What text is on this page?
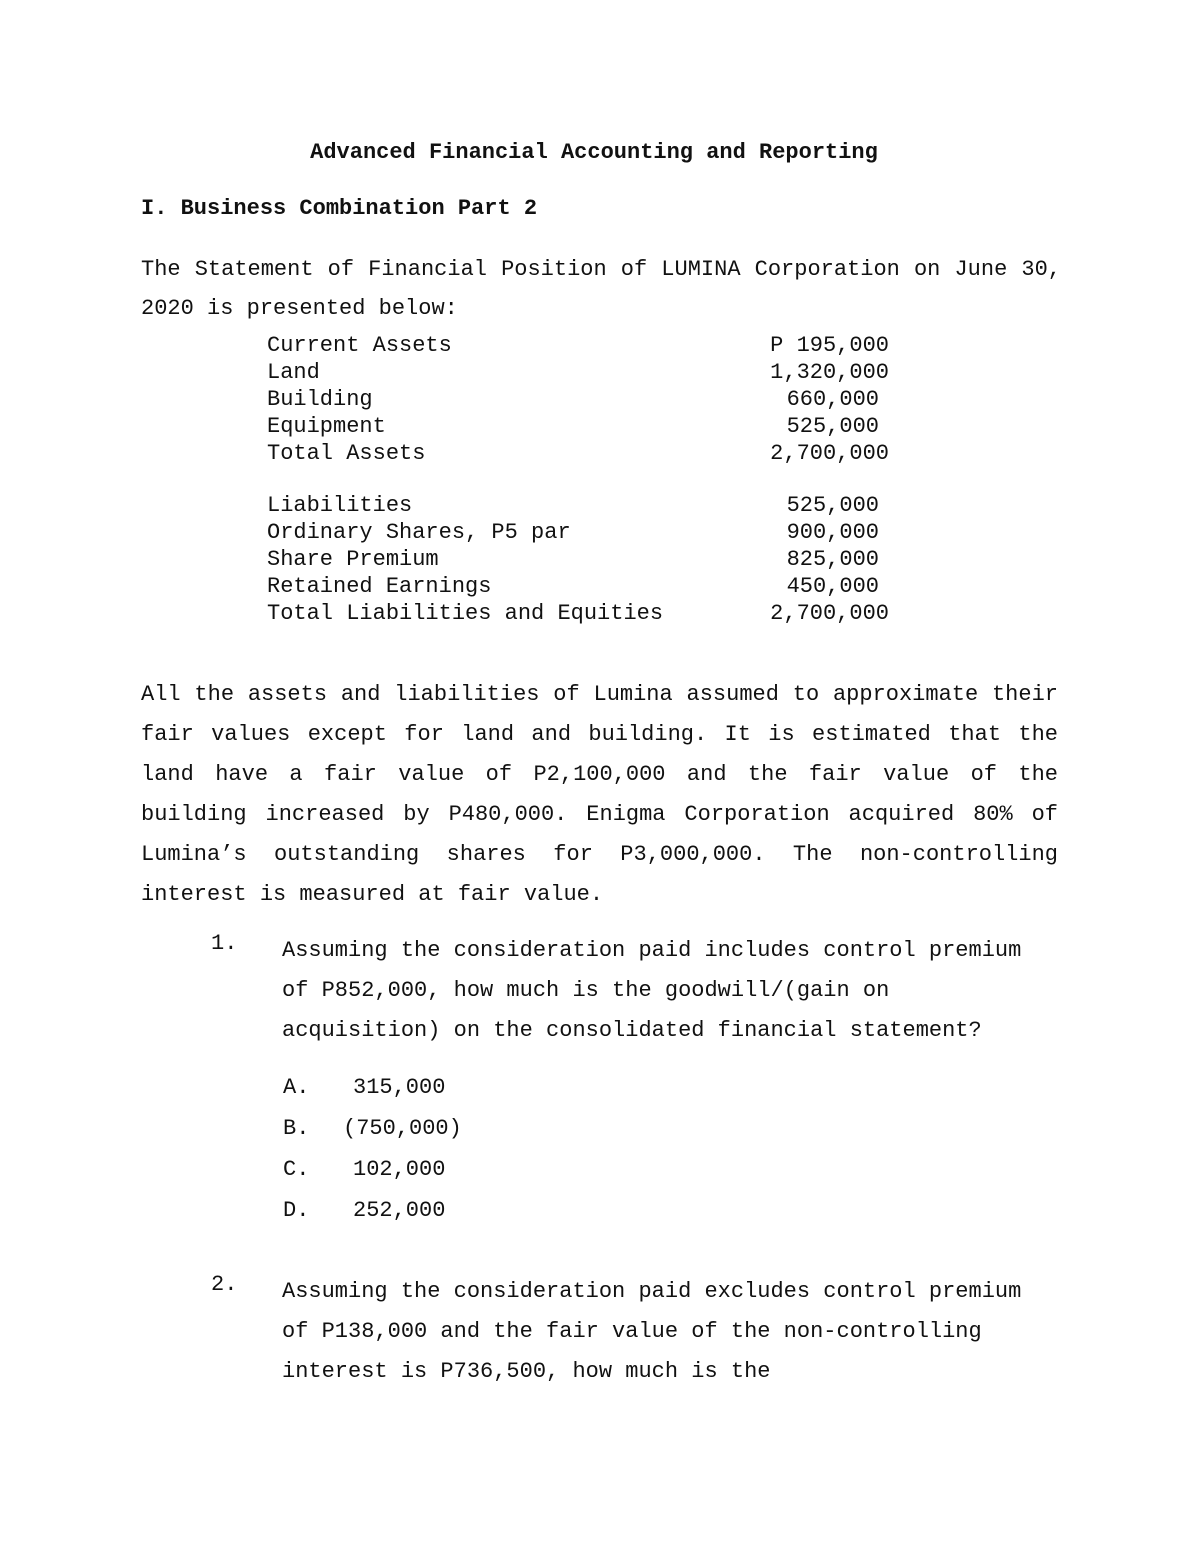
Advanced Financial Accounting and Reporting
I. Business Combination Part 2
The Statement of Financial Position of LUMINA Corporation on June 30, 2020 is presented below:
Current Assets	P 195,000
Land	1,320,000
Building	660,000
Equipment	525,000
Total Assets	2,700,000
Liabilities	525,000
Ordinary Shares, P5 par	900,000
Share Premium	825,000
Retained Earnings	450,000
Total Liabilities and Equities	2,700,000
All the assets and liabilities of Lumina assumed to approximate their fair values except for land and building. It is estimated that the land have a fair value of P2,100,000 and the fair value of the building increased by P480,000. Enigma Corporation acquired 80% of Lumina’s outstanding shares for P3,000,000. The non-controlling interest is measured at fair value.
1. Assuming the consideration paid includes control premium of P852,000, how much is the goodwill/(gain on acquisition) on the consolidated financial statement?
A. 315,000
B. (750,000)
C. 102,000
D. 252,000
2. Assuming the consideration paid excludes control premium of P138,000 and the fair value of the non-controlling interest is P736,500, how much is the
